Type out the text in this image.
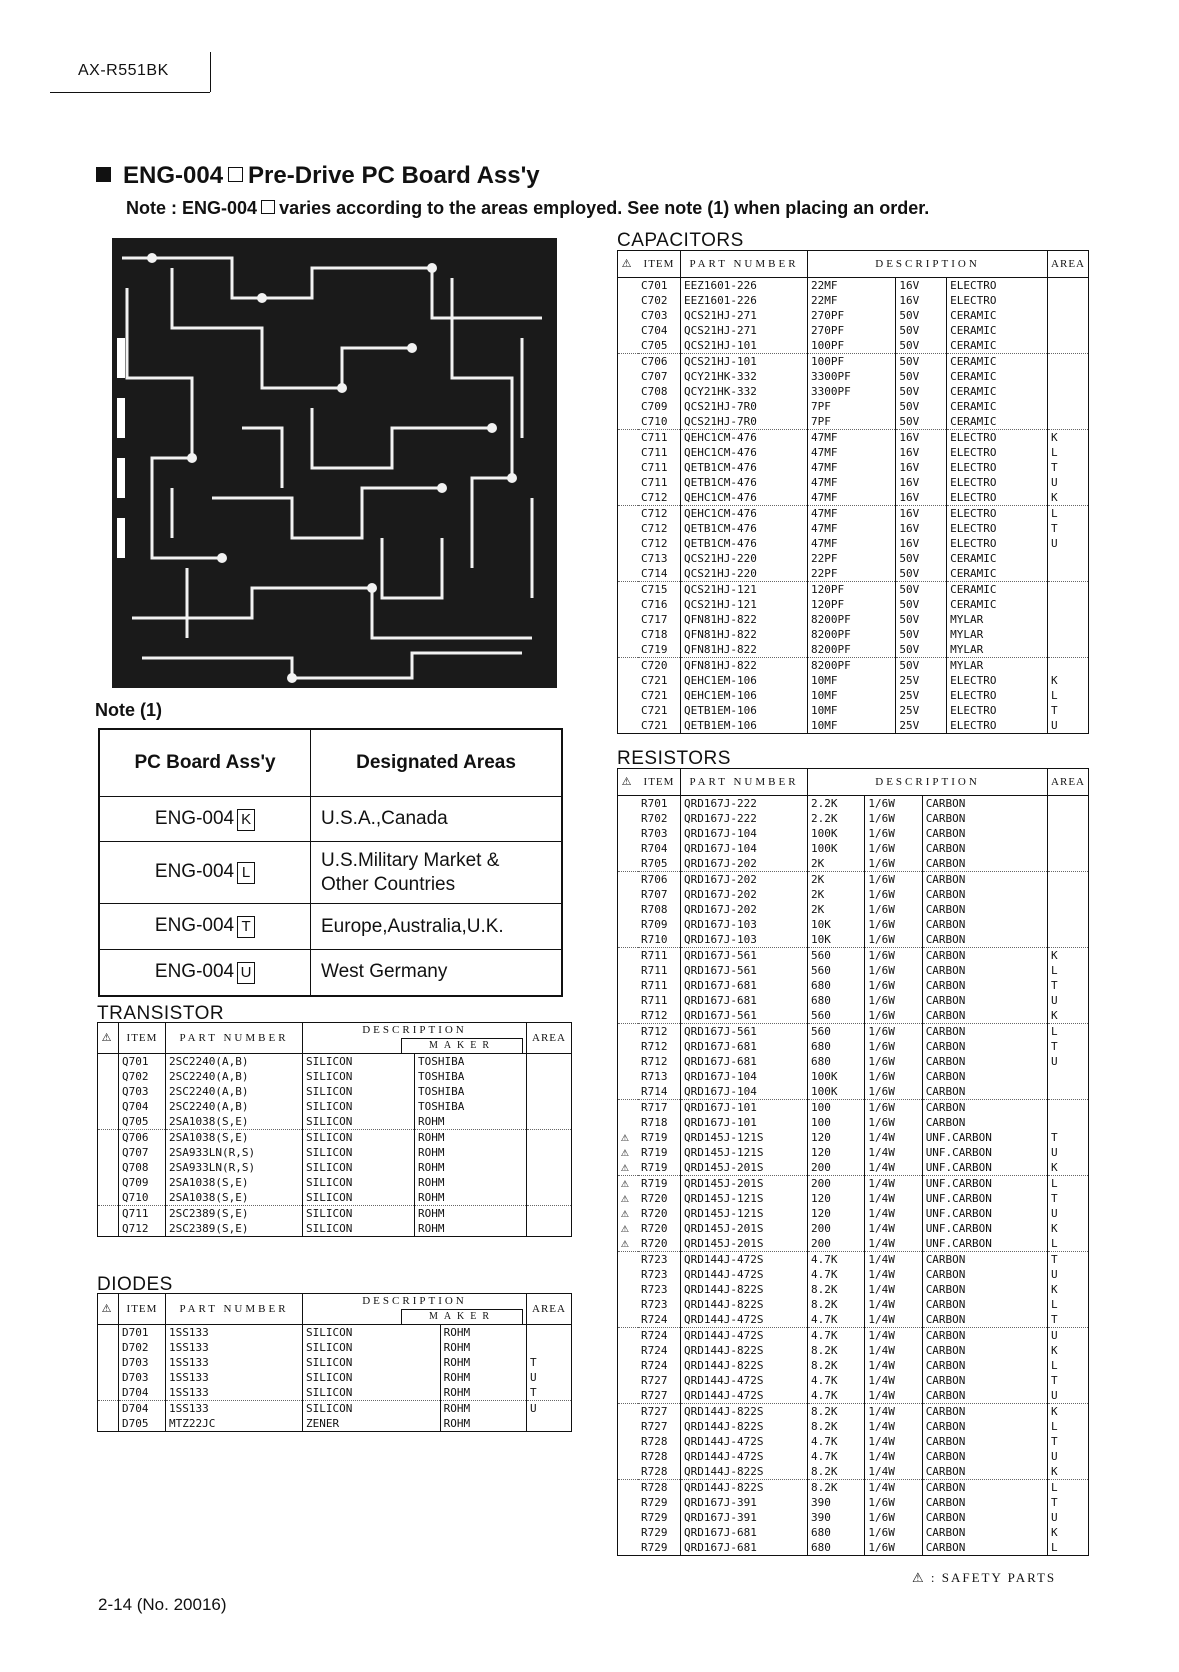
AX-R551BK
ENG-004 Pre-Drive PC Board Ass'y
Note : ENG-004 varies according to the areas employed. See note (1) when placing an order.
Note (1)
PC Board Ass'y	Designated Areas
ENG-004 K	U.S.A.,Canada
ENG-004 L	U.S.Military Market & Other Countries
ENG-004 T	Europe,Australia,U.K.
ENG-004 U	West Germany
TRANSISTOR
⚠	ITEM	PART NUMBER	DESCRIPTION
MAKER		AREA
	Q701	2SC2240(A,B)	SILICON	TOSHIBA	
	Q702	2SC2240(A,B)	SILICON	TOSHIBA	
	Q703	2SC2240(A,B)	SILICON	TOSHIBA	
	Q704	2SC2240(A,B)	SILICON	TOSHIBA	
	Q705	2SA1038(S,E)	SILICON	ROHM	
	Q706	2SA1038(S,E)	SILICON	ROHM	
	Q707	2SA933LN(R,S)	SILICON	ROHM	
	Q708	2SA933LN(R,S)	SILICON	ROHM	
	Q709	2SA1038(S,E)	SILICON	ROHM	
	Q710	2SA1038(S,E)	SILICON	ROHM	
	Q711	2SC2389(S,E)	SILICON	ROHM	
	Q712	2SC2389(S,E)	SILICON	ROHM	
DIODES
⚠	ITEM	PART NUMBER	DESCRIPTION
MAKER		AREA
	D701	1SS133	SILICON	ROHM	
	D702	1SS133	SILICON	ROHM	
	D703	1SS133	SILICON	ROHM	T
	D703	1SS133	SILICON	ROHM	U
	D704	1SS133	SILICON	ROHM	T
	D704	1SS133	SILICON	ROHM	U
	D705	MTZ22JC	ZENER	ROHM	
CAPACITORS
⚠	ITEM	PART NUMBER	DESCRIPTION			AREA
	C701	EEZ1601-226	22MF	16V	ELECTRO	
	C702	EEZ1601-226	22MF	16V	ELECTRO	
	C703	QCS21HJ-271	270PF	50V	CERAMIC	
	C704	QCS21HJ-271	270PF	50V	CERAMIC	
	C705	QCS21HJ-101	100PF	50V	CERAMIC	
	C706	QCS21HJ-101	100PF	50V	CERAMIC	
	C707	QCY21HK-332	3300PF	50V	CERAMIC	
	C708	QCY21HK-332	3300PF	50V	CERAMIC	
	C709	QCS21HJ-7R0	7PF	50V	CERAMIC	
	C710	QCS21HJ-7R0	7PF	50V	CERAMIC	
	C711	QEHC1CM-476	47MF	16V	ELECTRO	K
	C711	QEHC1CM-476	47MF	16V	ELECTRO	L
	C711	QETB1CM-476	47MF	16V	ELECTRO	T
	C711	QETB1CM-476	47MF	16V	ELECTRO	U
	C712	QEHC1CM-476	47MF	16V	ELECTRO	K
	C712	QEHC1CM-476	47MF	16V	ELECTRO	L
	C712	QETB1CM-476	47MF	16V	ELECTRO	T
	C712	QETB1CM-476	47MF	16V	ELECTRO	U
	C713	QCS21HJ-220	22PF	50V	CERAMIC	
	C714	QCS21HJ-220	22PF	50V	CERAMIC	
	C715	QCS21HJ-121	120PF	50V	CERAMIC	
	C716	QCS21HJ-121	120PF	50V	CERAMIC	
	C717	QFN81HJ-822	8200PF	50V	MYLAR	
	C718	QFN81HJ-822	8200PF	50V	MYLAR	
	C719	QFN81HJ-822	8200PF	50V	MYLAR	
	C720	QFN81HJ-822	8200PF	50V	MYLAR	
	C721	QEHC1EM-106	10MF	25V	ELECTRO	K
	C721	QEHC1EM-106	10MF	25V	ELECTRO	L
	C721	QETB1EM-106	10MF	25V	ELECTRO	T
	C721	QETB1EM-106	10MF	25V	ELECTRO	U
RESISTORS
⚠	ITEM	PART NUMBER	DESCRIPTION			AREA
	R701	QRD167J-222	2.2K	1/6W	CARBON	
	R702	QRD167J-222	2.2K	1/6W	CARBON	
	R703	QRD167J-104	100K	1/6W	CARBON	
	R704	QRD167J-104	100K	1/6W	CARBON	
	R705	QRD167J-202	2K	1/6W	CARBON	
	R706	QRD167J-202	2K	1/6W	CARBON	
	R707	QRD167J-202	2K	1/6W	CARBON	
	R708	QRD167J-202	2K	1/6W	CARBON	
	R709	QRD167J-103	10K	1/6W	CARBON	
	R710	QRD167J-103	10K	1/6W	CARBON	
	R711	QRD167J-561	560	1/6W	CARBON	K
	R711	QRD167J-561	560	1/6W	CARBON	L
	R711	QRD167J-681	680	1/6W	CARBON	T
	R711	QRD167J-681	680	1/6W	CARBON	U
	R712	QRD167J-561	560	1/6W	CARBON	K
	R712	QRD167J-561	560	1/6W	CARBON	L
	R712	QRD167J-681	680	1/6W	CARBON	T
	R712	QRD167J-681	680	1/6W	CARBON	U
	R713	QRD167J-104	100K	1/6W	CARBON	
	R714	QRD167J-104	100K	1/6W	CARBON	
	R717	QRD167J-101	100	1/6W	CARBON	
	R718	QRD167J-101	100	1/6W	CARBON	
⚠	R719	QRD145J-121S	120	1/4W	UNF.CARBON	T
⚠	R719	QRD145J-121S	120	1/4W	UNF.CARBON	U
⚠	R719	QRD145J-201S	200	1/4W	UNF.CARBON	K
⚠	R719	QRD145J-201S	200	1/4W	UNF.CARBON	L
⚠	R720	QRD145J-121S	120	1/4W	UNF.CARBON	T
⚠	R720	QRD145J-121S	120	1/4W	UNF.CARBON	U
⚠	R720	QRD145J-201S	200	1/4W	UNF.CARBON	K
⚠	R720	QRD145J-201S	200	1/4W	UNF.CARBON	L
	R723	QRD144J-472S	4.7K	1/4W	CARBON	T
	R723	QRD144J-472S	4.7K	1/4W	CARBON	U
	R723	QRD144J-822S	8.2K	1/4W	CARBON	K
	R723	QRD144J-822S	8.2K	1/4W	CARBON	L
	R724	QRD144J-472S	4.7K	1/4W	CARBON	T
	R724	QRD144J-472S	4.7K	1/4W	CARBON	U
	R724	QRD144J-822S	8.2K	1/4W	CARBON	K
	R724	QRD144J-822S	8.2K	1/4W	CARBON	L
	R727	QRD144J-472S	4.7K	1/4W	CARBON	T
	R727	QRD144J-472S	4.7K	1/4W	CARBON	U
	R727	QRD144J-822S	8.2K	1/4W	CARBON	K
	R727	QRD144J-822S	8.2K	1/4W	CARBON	L
	R728	QRD144J-472S	4.7K	1/4W	CARBON	T
	R728	QRD144J-472S	4.7K	1/4W	CARBON	U
	R728	QRD144J-822S	8.2K	1/4W	CARBON	K
	R728	QRD144J-822S	8.2K	1/4W	CARBON	L
	R729	QRD167J-391	390	1/6W	CARBON	T
	R729	QRD167J-391	390	1/6W	CARBON	U
	R729	QRD167J-681	680	1/6W	CARBON	K
	R729	QRD167J-681	680	1/6W	CARBON	L
⚠ : SAFETY PARTS
2-14 (No. 20016)
